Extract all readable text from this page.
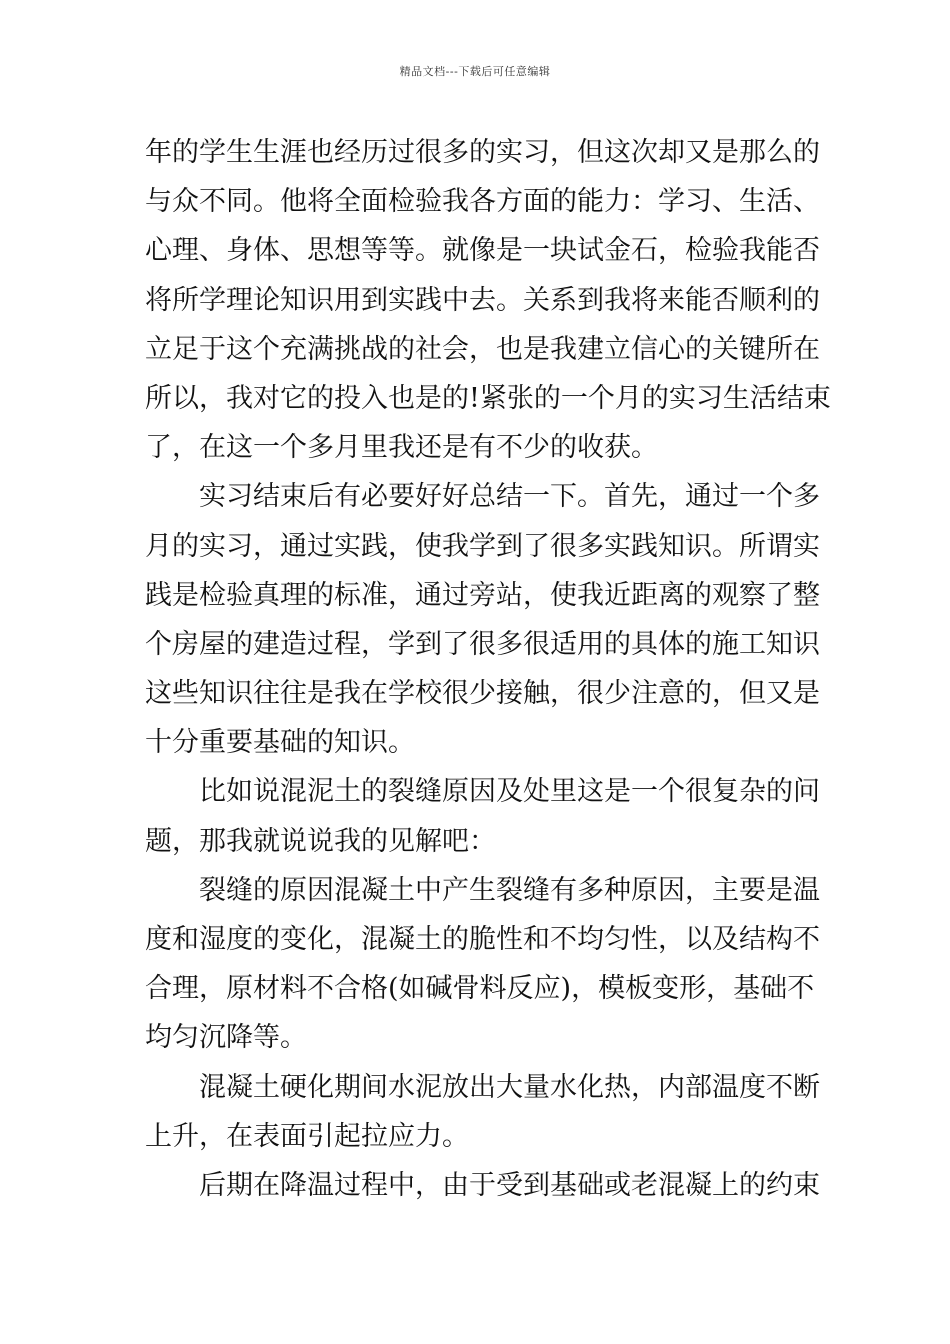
精品文档---下载后可任意编辑
年的学生生涯也经历过很多的实习，但这次却又是那么的
与众不同。他将全面检验我各方面的能力：学习、生活、
心理、身体、思想等等。就像是一块试金石，检验我能否
将所学理论知识用到实践中去。关系到我将来能否顺利的
立足于这个充满挑战的社会，也是我建立信心的关键所在
所以，我对它的投入也是的!紧张的一个月的实习生活结束
了，在这一个多月里我还是有不少的收获。
实习结束后有必要好好总结一下。首先，通过一个多
月的实习，通过实践，使我学到了很多实践知识。所谓实
践是检验真理的标准，通过旁站，使我近距离的观察了整
个房屋的建造过程，学到了很多很适用的具体的施工知识
这些知识往往是我在学校很少接触，很少注意的，但又是
十分重要基础的知识。
比如说混泥土的裂缝原因及处里这是一个很复杂的问
题，那我就说说我的见解吧：
裂缝的原因混凝土中产生裂缝有多种原因，主要是温
度和湿度的变化，混凝土的脆性和不均匀性，以及结构不
合理，原材料不合格(如碱骨料反应)，模板变形，基础不
均匀沉降等。
混凝土硬化期间水泥放出大量水化热，内部温度不断
上升，在表面引起拉应力。
后期在降温过程中，由于受到基础或老混凝上的约束
